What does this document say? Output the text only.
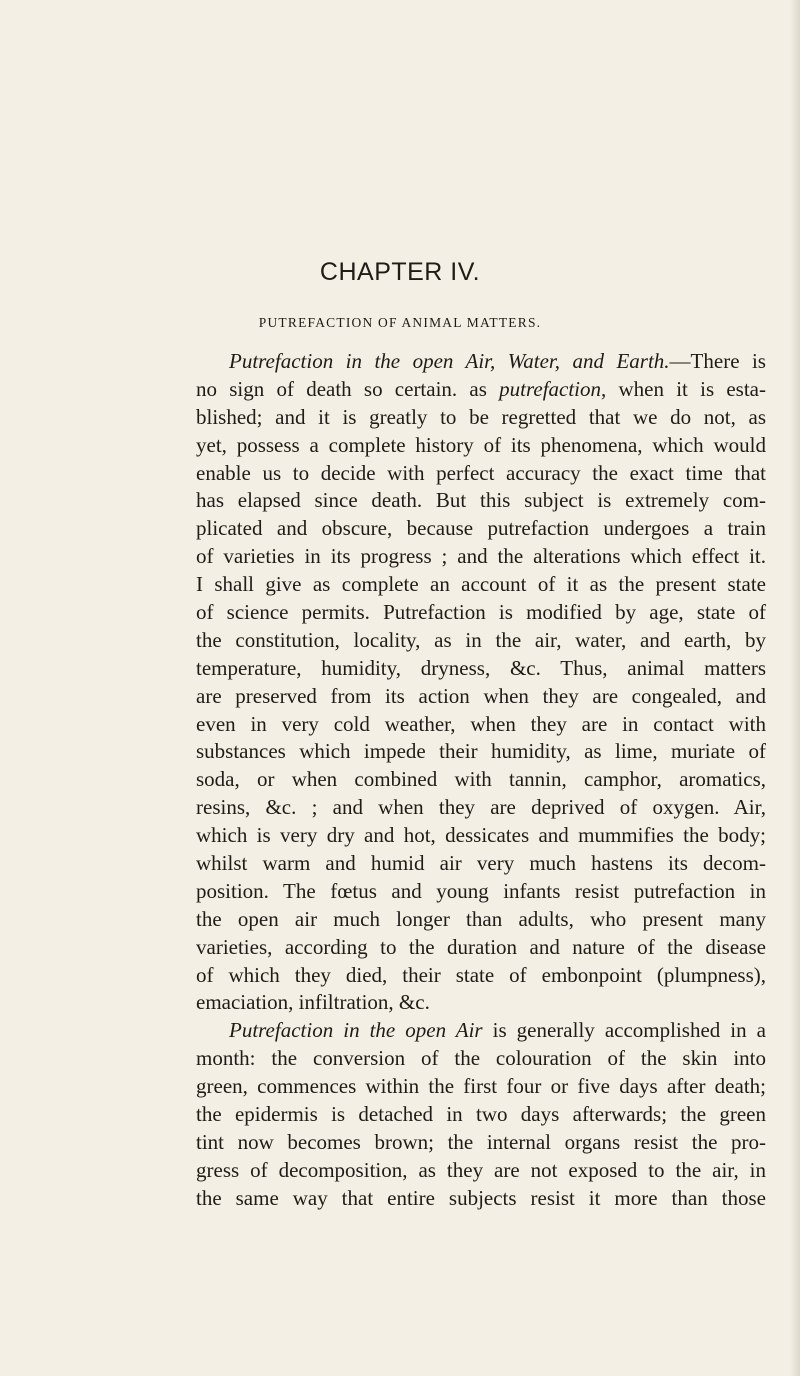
CHAPTER IV.
PUTREFACTION OF ANIMAL MATTERS.
Putrefaction in the open Air, Water, and Earth.—There is
no sign of death so certain. as putrefaction, when it is esta-
blished; and it is greatly to be regretted that we do not, as
yet, possess a complete history of its phenomena, which would
enable us to decide with perfect accuracy the exact time that
has elapsed since death. But this subject is extremely com-
plicated and obscure, because putrefaction undergoes a train
of varieties in its progress ; and the alterations which effect it.
I shall give as complete an account of it as the present state
of science permits. Putrefaction is modified by age, state of
the constitution, locality, as in the air, water, and earth, by
temperature, humidity, dryness, &c. Thus, animal matters
are preserved from its action when they are congealed, and
even in very cold weather, when they are in contact with
substances which impede their humidity, as lime, muriate of
soda, or when combined with tannin, camphor, aromatics,
resins, &c. ; and when they are deprived of oxygen. Air,
which is very dry and hot, dessicates and mummifies the body;
whilst warm and humid air very much hastens its decom-
position. The fœtus and young infants resist putrefaction in
the open air much longer than adults, who present many
varieties, according to the duration and nature of the disease
of which they died, their state of embonpoint (plumpness),
emaciation, infiltration, &c.
Putrefaction in the open Air is generally accomplished in a
month: the conversion of the colouration of the skin into
green, commences within the first four or five days after death;
the epidermis is detached in two days afterwards; the green
tint now becomes brown; the internal organs resist the pro-
gress of decomposition, as they are not exposed to the air, in
the same way that entire subjects resist it more than those
